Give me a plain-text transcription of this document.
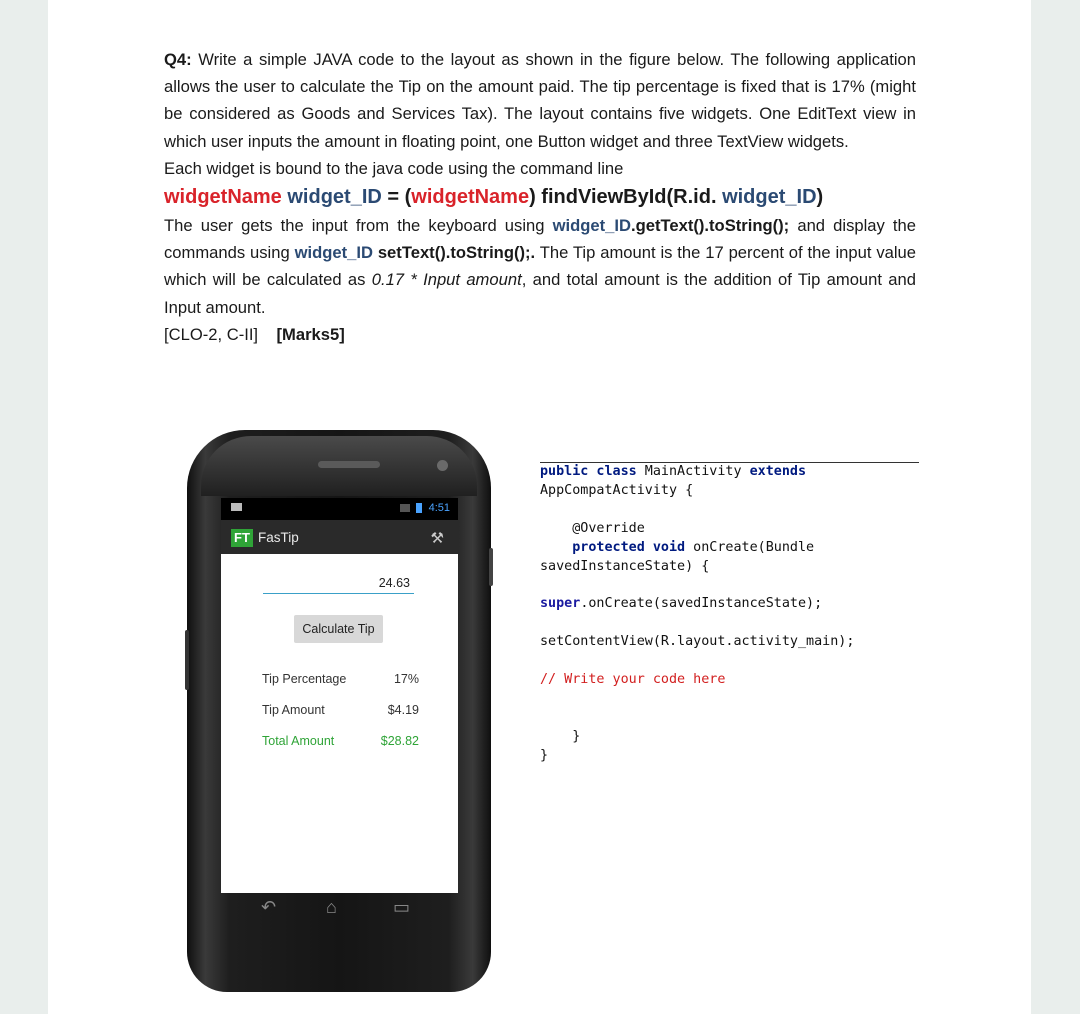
Q4: Write a simple JAVA code to the layout as shown in the figure below. The following application allows the user to calculate the Tip on the amount paid. The tip percentage is fixed that is 17% (might be considered as Goods and Services Tax). The layout contains five widgets. One EditText view in which user inputs the amount in floating point, one Button widget and three TextView widgets.

Each widget is bound to the java code using the command line

widgetName widget_ID = (widgetName) findViewById(R.id. widget_ID)

The user gets the input from the keyboard using widget_ID.getText().toString(); and display the commands using widget_ID setText().toString();. The Tip amount is the 17 percent of the input value which will be calculated as 0.17 * Input amount, and total amount is the addition of Tip amount and Input amount.

[CLO-2, C-II] [Marks5]

4:51
FT FasTip	⚒
24.63
Calculate Tip
Tip Percentage	17%
Tip Amount	$4.19
Total Amount	$28.82
↶	⌂	▭
public class MainActivity extends
AppCompatActivity {

@Override
protected void onCreate(Bundle
savedInstanceState) {

super.onCreate(savedInstanceState);

setContentView(R.layout.activity_main);

// Write your code here

}
}
